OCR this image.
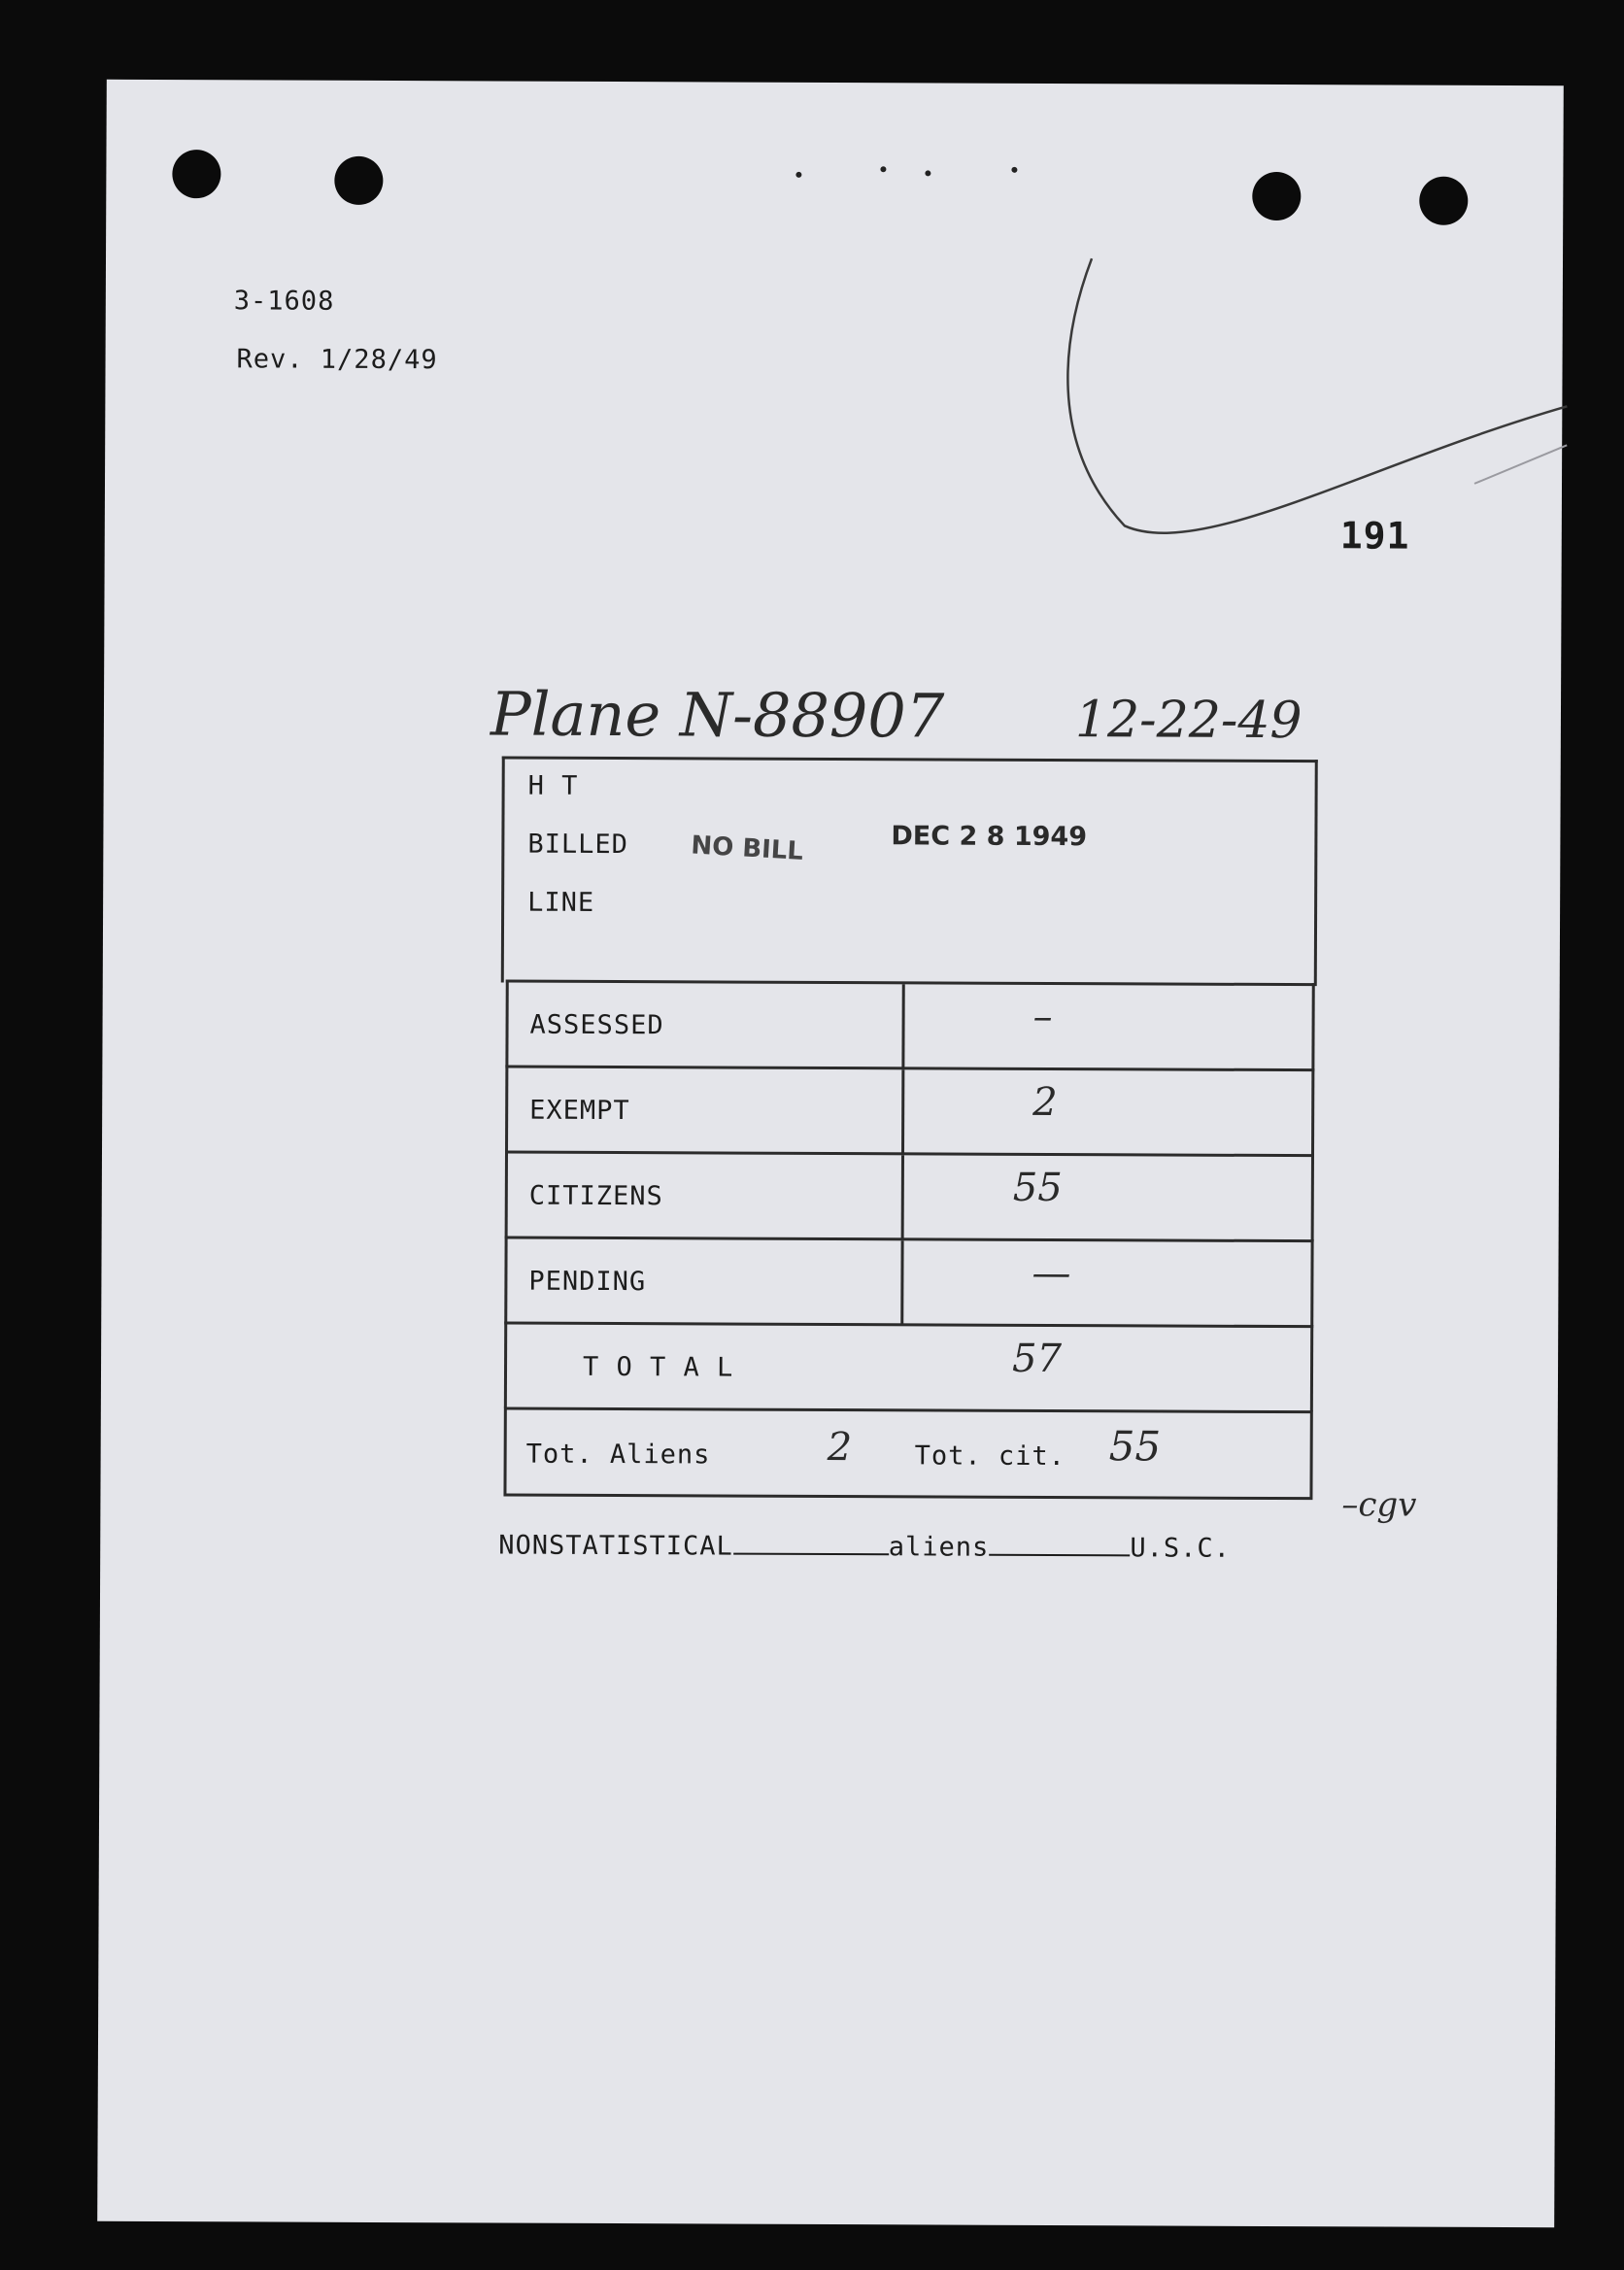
3-1608
Rev. 1/28/49
191
Plane N-88907	12-22-49
H T
BILLED NO BILL	DEC 2 8 1949
LINE
ASSESSED	–
EXEMPT	2
CITIZENS	55
PENDING	—
T O T A L	57
Tot. Aliens	2 Tot. cit. 55
–cgv
NONSTATISTICAL	aliens	U.S.C.
